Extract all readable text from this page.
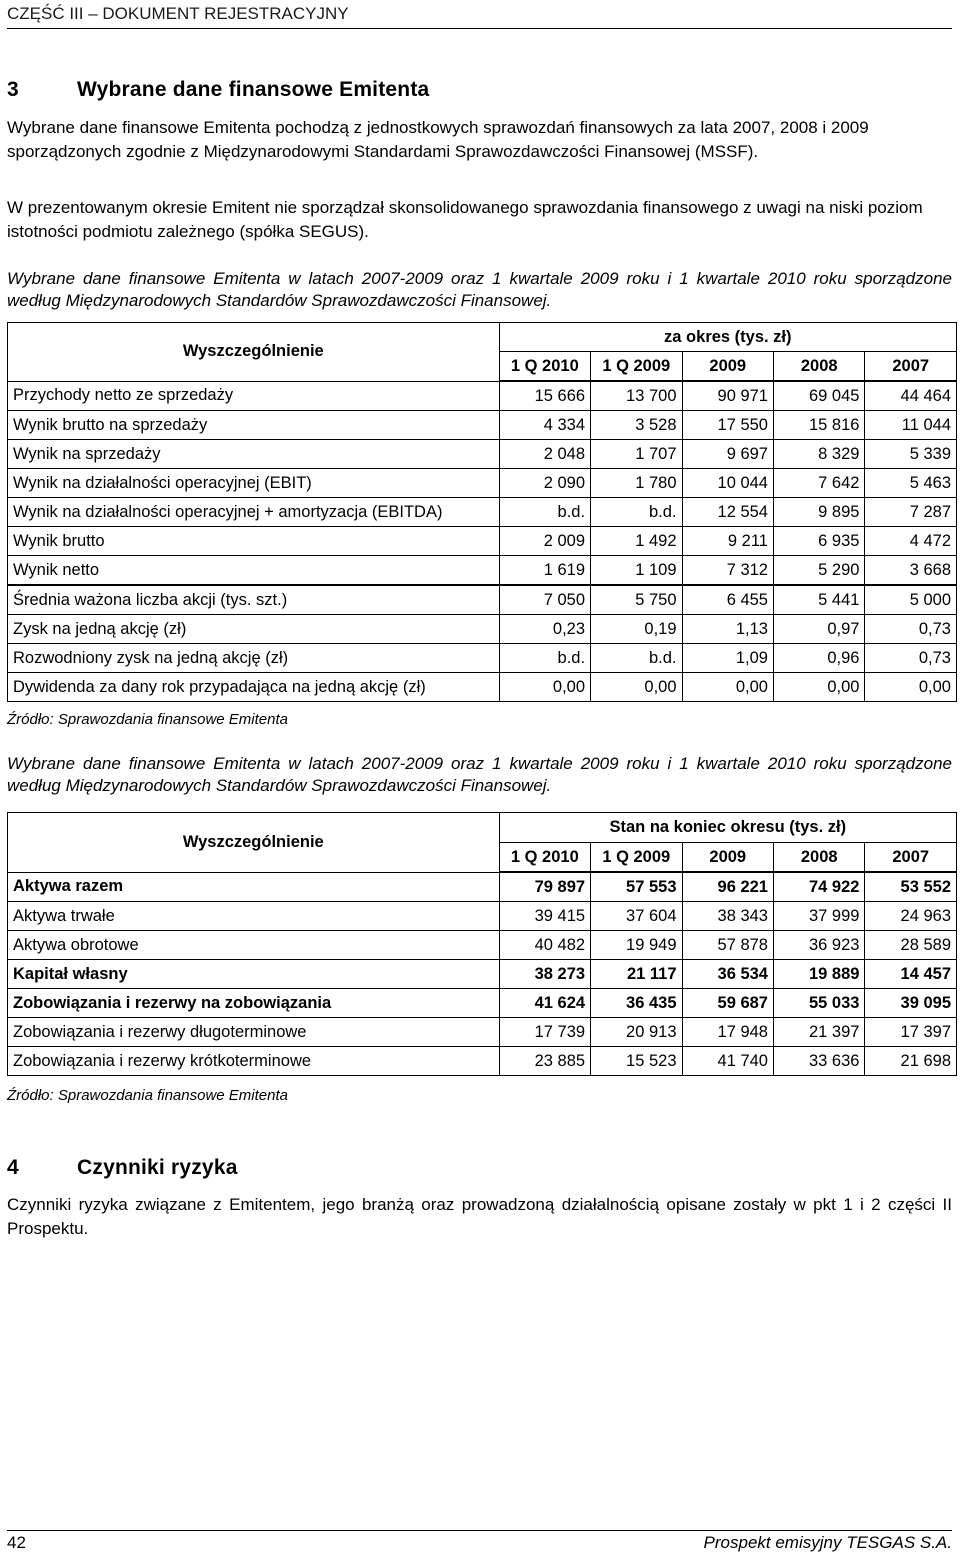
CZĘŚĆ III – DOKUMENT REJESTRACYJNY
3	Wybrane dane finansowe Emitenta

Wybrane dane finansowe Emitenta pochodzą z jednostkowych sprawozdań finansowych za lata 2007, 2008 i 2009 sporządzonych zgodnie z Międzynarodowymi Standardami Sprawozdawczości Finansowej (MSSF).

W prezentowanym okresie Emitent nie sporządzał skonsolidowanego sprawozdania finansowego z uwagi na niski poziom istotności podmiotu zależnego (spółka SEGUS).

Wybrane dane finansowe Emitenta w latach 2007-2009 oraz 1 kwartale 2009 roku i 1 kwartale 2010 roku sporządzone według Międzynarodowych Standardów Sprawozdawczości Finansowej.

Wyszczególnienie	za okres (tys. zł)				
	1 Q 2010	1 Q 2009	2009	2008	2007
Przychody netto ze sprzedaży	15 666	13 700	90 971	69 045	44 464
Wynik brutto na sprzedaży	4 334	3 528	17 550	15 816	11 044
Wynik na sprzedaży	2 048	1 707	9 697	8 329	5 339
Wynik na działalności operacyjnej (EBIT)	2 090	1 780	10 044	7 642	5 463
Wynik na działalności operacyjnej + amortyzacja (EBITDA)	b.d.	b.d.	12 554	9 895	7 287
Wynik brutto	2 009	1 492	9 211	6 935	4 472
Wynik netto	1 619	1 109	7 312	5 290	3 668
Średnia ważona liczba akcji (tys. szt.)	7 050	5 750	6 455	5 441	5 000
Zysk na jedną akcję (zł)	0,23	0,19	1,13	0,97	0,73
Rozwodniony zysk na jedną akcję (zł)	b.d.	b.d.	1,09	0,96	0,73
Dywidenda za dany rok przypadająca na jedną akcję (zł)	0,00	0,00	0,00	0,00	0,00
Źródło: Sprawozdania finansowe Emitenta

Wybrane dane finansowe Emitenta w latach 2007-2009 oraz 1 kwartale 2009 roku i 1 kwartale 2010 roku sporządzone według Międzynarodowych Standardów Sprawozdawczości Finansowej.

Wyszczególnienie	Stan na koniec okresu (tys. zł)				
	1 Q 2010	1 Q 2009	2009	2008	2007
Aktywa razem	79 897	57 553	96 221	74 922	53 552
Aktywa trwałe	39 415	37 604	38 343	37 999	24 963
Aktywa obrotowe	40 482	19 949	57 878	36 923	28 589
Kapitał własny	38 273	21 117	36 534	19 889	14 457
Zobowiązania i rezerwy na zobowiązania	41 624	36 435	59 687	55 033	39 095
Zobowiązania i rezerwy długoterminowe	17 739	20 913	17 948	21 397	17 397
Zobowiązania i rezerwy krótkoterminowe	23 885	15 523	41 740	33 636	21 698
Źródło: Sprawozdania finansowe Emitenta
4	Czynniki ryzyka

Czynniki ryzyka związane z Emitentem, jego branżą oraz prowadzoną działalnością opisane zostały w pkt 1 i 2 części II Prospektu.

42	Prospekt emisyjny TESGAS S.A.
